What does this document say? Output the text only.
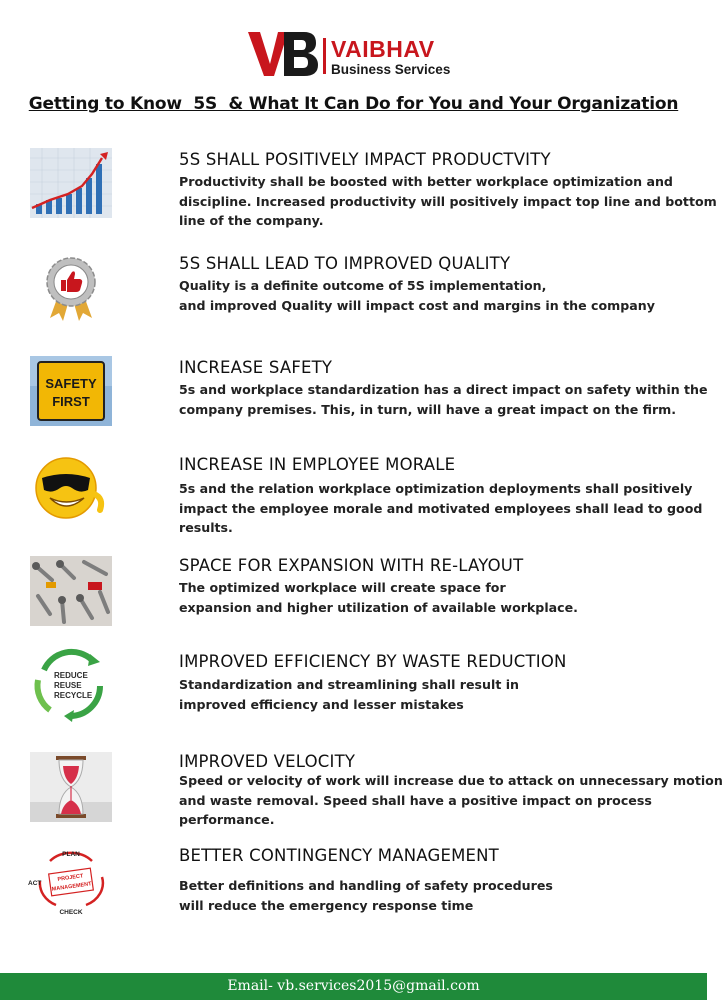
VB
VAIBHAV
Business Services
Getting to Know  5S  & What It Can Do for You and Your Organization
5S SHALL POSITIVELY IMPACT PRODUCTVITY
Productivity shall be boosted with better workplace optimization and
discipline. Increased productivity will positively impact top line and bottom
line of the company.
5S SHALL LEAD TO IMPROVED QUALITY
Quality is a definite outcome of 5S implementation,
and improved Quality will impact cost and margins in the company
SAFETY
FIRST
INCREASE SAFETY
5s and workplace standardization has a direct impact on safety within the
company premises. This, in turn, will have a great impact on the firm.
INCREASE IN EMPLOYEE MORALE
5s and the relation workplace optimization deployments shall positively
impact the employee morale and motivated employees shall lead to good
results.
SPACE FOR EXPANSION WITH RE-LAYOUT
The optimized workplace will create space for
expansion and higher utilization of available workplace.
REDUCE
REUSE
RECYCLE
IMPROVED EFFICIENCY BY WASTE REDUCTION
Standardization and streamlining shall result in
improved efficiency and lesser mistakes
IMPROVED VELOCITY
Speed or velocity of work will increase due to attack on unnecessary motion
and waste removal. Speed shall have a positive impact on process
performance.
PLAN
ACT
CHECK
PROJECT
MANAGEMENT
BETTER CONTINGENCY MANAGEMENT
Better definitions and handling of safety procedures
will reduce the emergency response time
Email- vb.services2015@gmail.com
